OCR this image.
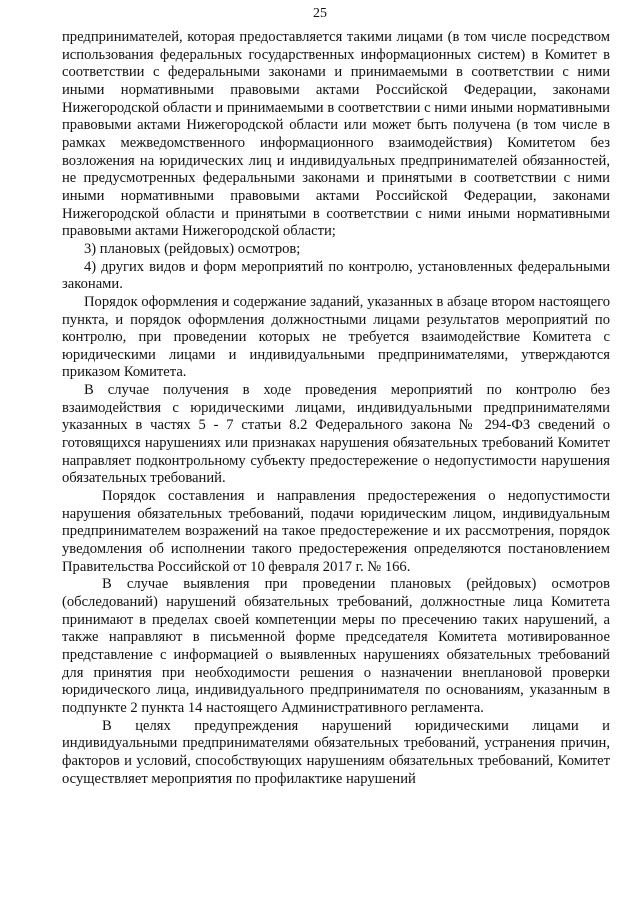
25

предпринимателей, которая предоставляется такими лицами (в том числе посредством использования федеральных государственных информационных систем) в Комитет в соответствии с федеральными законами и принимаемыми в соответствии с ними иными нормативными правовыми актами Российской Федерации, законами Нижегородской области и принимаемыми в соответствии с ними иными нормативными правовыми актами Нижегородской области или может быть получена (в том числе в рамках межведомственного информационного взаимодействия) Комитетом без возложения на юридических лиц и индивидуальных предпринимателей обязанностей, не предусмотренных федеральными законами и принятыми в соответствии с ними иными нормативными правовыми актами Российской Федерации, законами Нижегородской области и принятыми в соответствии с ними иными нормативными правовыми актами Нижегородской области;

3) плановых (рейдовых) осмотров;

4) других видов и форм мероприятий по контролю, установленных федеральными законами.

Порядок оформления и содержание заданий, указанных в абзаце втором настоящего пункта, и порядок оформления должностными лицами результатов мероприятий по контролю, при проведении которых не требуется взаимодействие Комитета с юридическими лицами и индивидуальными предпринимателями, утверждаются приказом Комитета.

В случае получения в ходе проведения мероприятий по контролю без взаимодействия с юридическими лицами, индивидуальными предпринимателями указанных в частях 5 - 7 статьи 8.2 Федерального закона № 294-ФЗ сведений о готовящихся нарушениях или признаках нарушения обязательных требований Комитет направляет подконтрольному субъекту предостережение о недопустимости нарушения обязательных требований.

Порядок составления и направления предостережения о недопустимости нарушения обязательных требований, подачи юридическим лицом, индивидуальным предпринимателем возражений на такое предостережение и их рассмотрения, порядок уведомления об исполнении такого предостережения определяются постановлением Правительства Российской от 10 февраля 2017 г. № 166.

В случае выявления при проведении плановых (рейдовых) осмотров (обследований) нарушений обязательных требований, должностные лица Комитета принимают в пределах своей компетенции меры по пресечению таких нарушений, а также направляют в письменной форме председателя Комитета мотивированное представление с информацией о выявленных нарушениях обязательных требований для принятия при необходимости решения о назначении внеплановой проверки юридического лица, индивидуального предпринимателя по основаниям, указанным в подпункте 2 пункта 14 настоящего Административного регламента.

В целях предупреждения нарушений юридическими лицами и индивидуальными предпринимателями обязательных требований, устранения причин, факторов и условий, способствующих нарушениям обязательных требований, Комитет осуществляет мероприятия по профилактике нарушений
